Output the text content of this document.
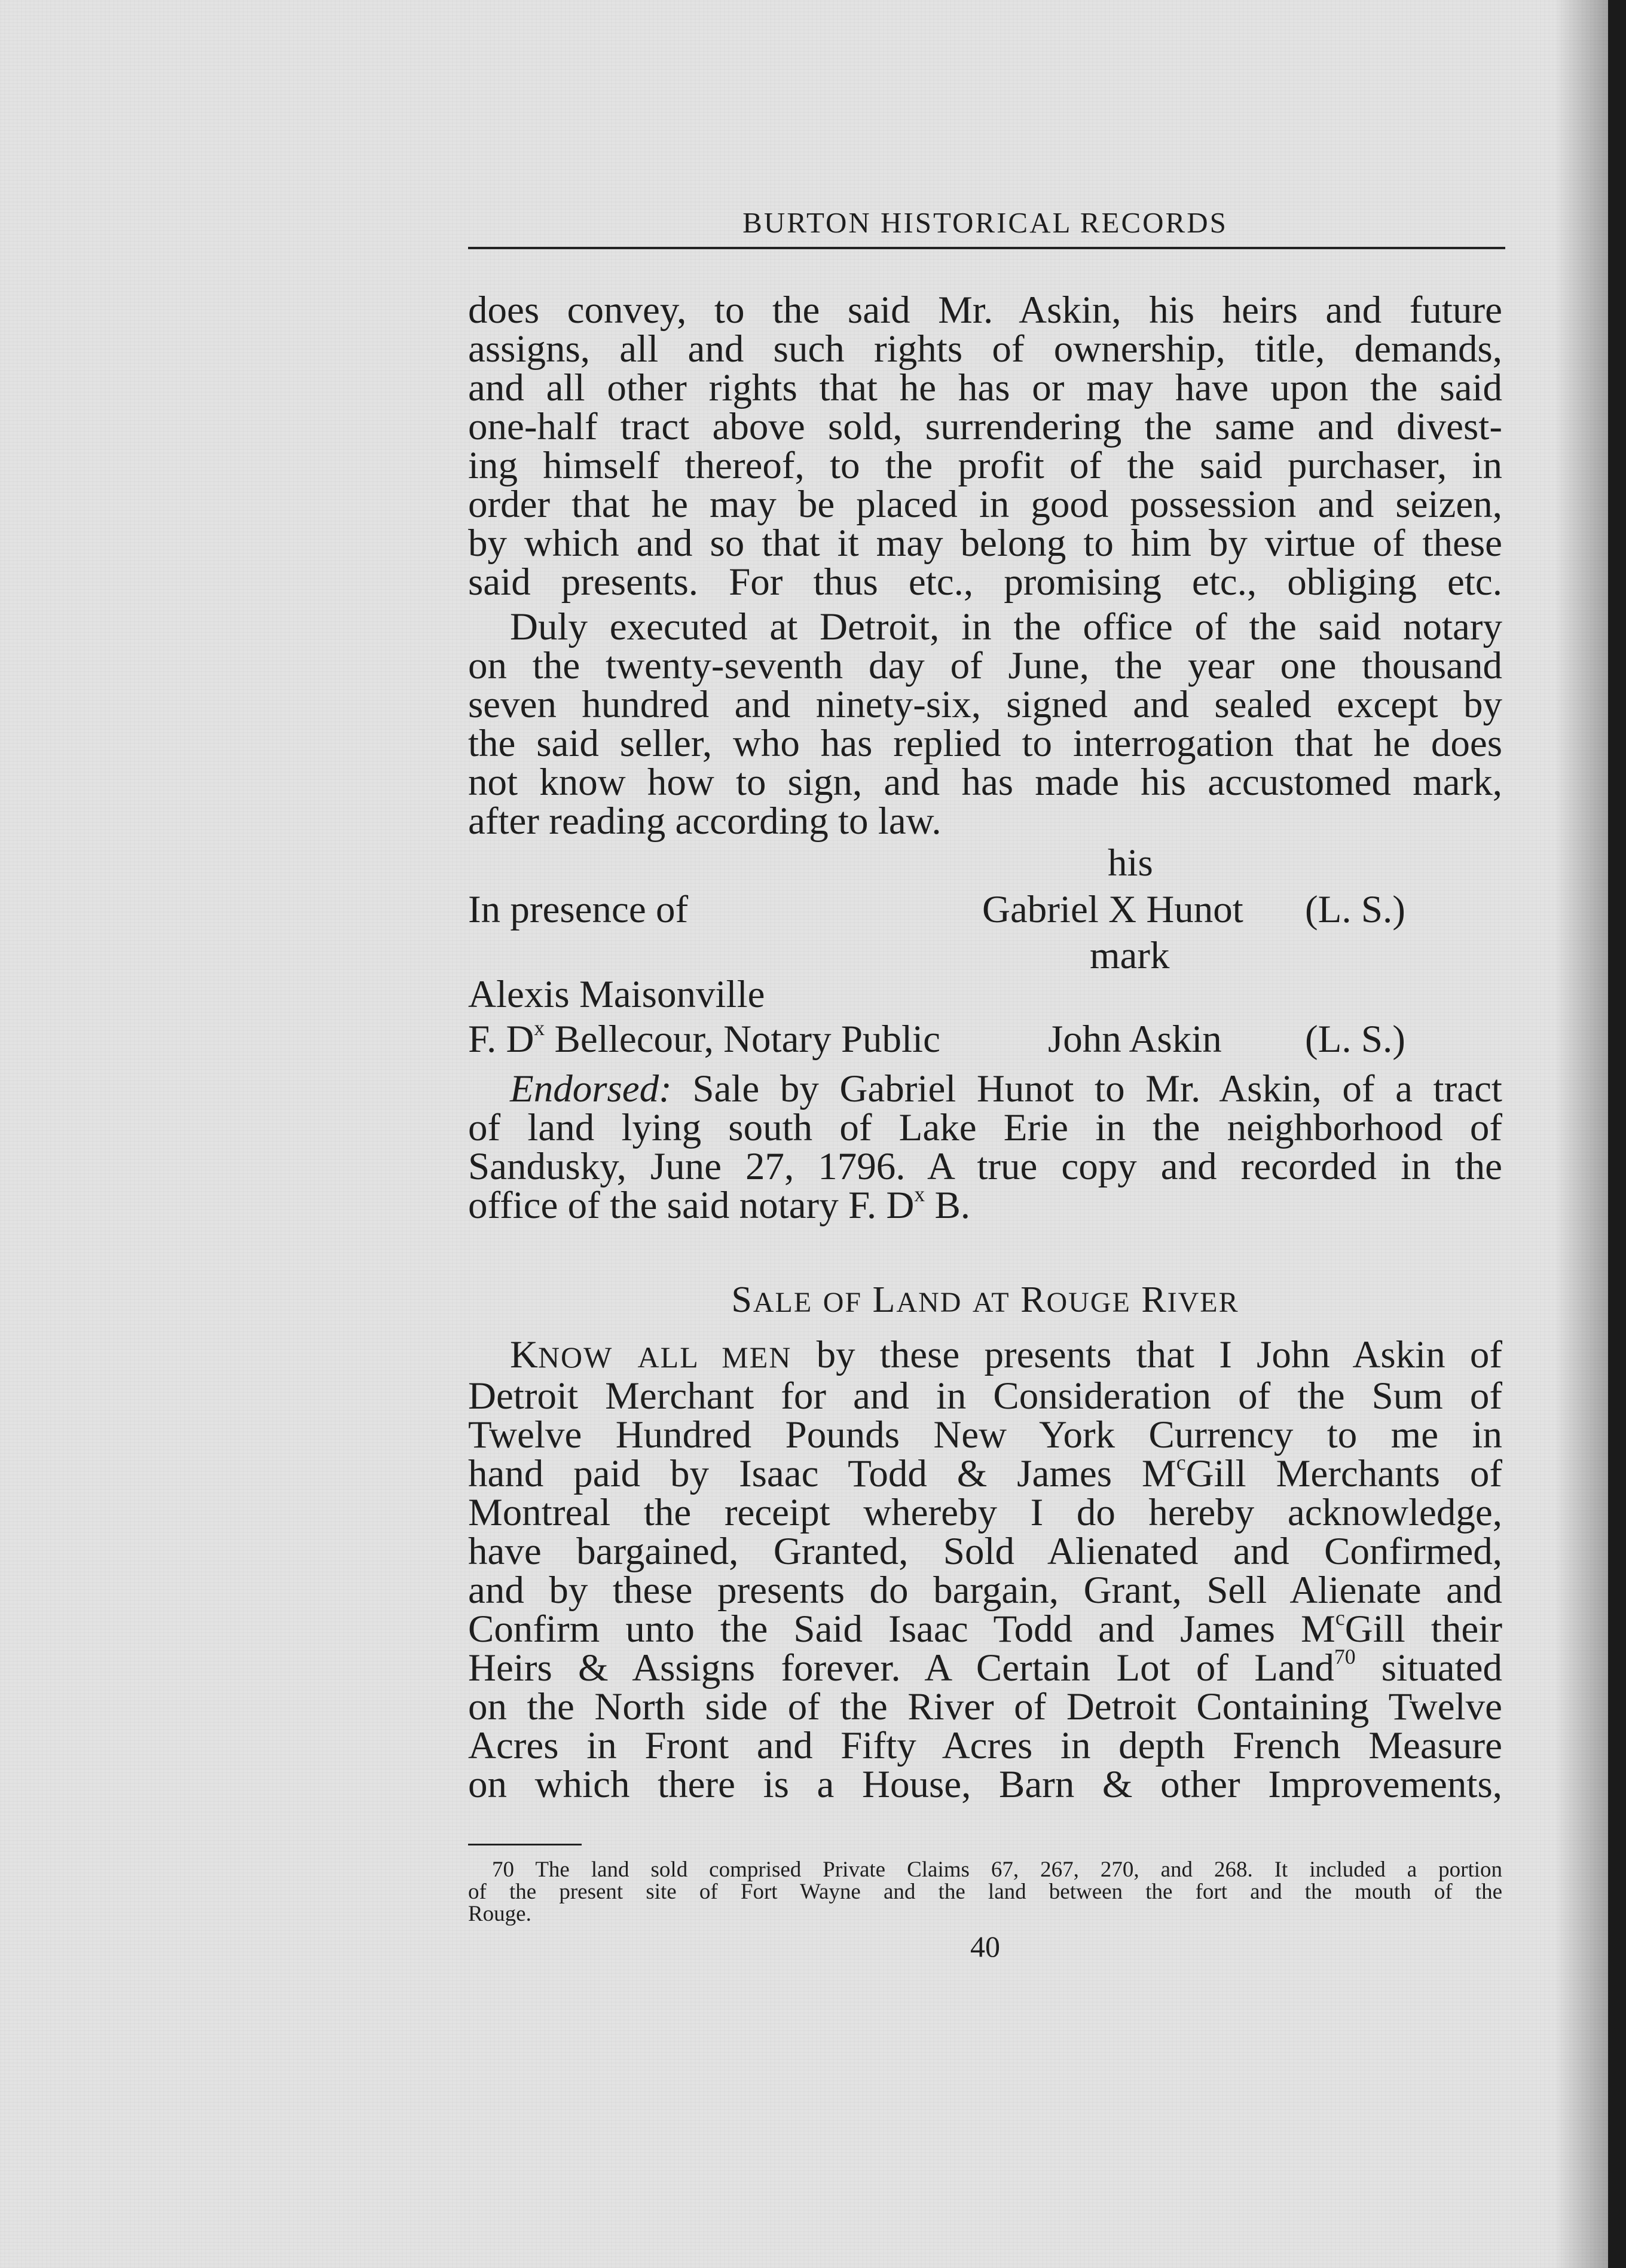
BURTON HISTORICAL RECORDS
does convey, to the said Mr. Askin, his heirs and future
assigns, all and such rights of ownership, title, demands,
and all other rights that he has or may have upon the said
one-half tract above sold, surrendering the same and divest-
ing himself thereof, to the profit of the said purchaser, in
order that he may be placed in good possession and seizen,
by which and so that it may belong to him by virtue of these
said presents. For thus etc., promising etc., obliging etc.
Duly executed at Detroit, in the office of the said notary
on the twenty-seventh day of June, the year one thousand
seven hundred and ninety-six, signed and sealed except by
the said seller, who has replied to interrogation that he does
not know how to sign, and has made his accustomed mark,
after reading according to law.
his
In presence of	Gabriel X Hunot (L. S.)
mark
Alexis Maisonville
F. $D^x$ Bellecour, Notary Public	John Askin (L. S.)
Endorsed: Sale by Gabriel Hunot to Mr. Askin, of a tract
of land lying south of Lake Erie in the neighborhood of
Sandusky, June 27, 1796. A true copy and recorded in the
office of the said notary F. $D^x$ B.
SALE OF LAND AT ROUGE RIVER
KNOW ALL MEN by these presents that I John Askin of
Detroit Merchant for and in Consideration of the Sum of
Twelve Hundred Pounds New York Currency to me in
hand paid by Isaac Todd & James $M^cGill$ Merchants of
Montreal the receipt whereby I do hereby acknowledge,
have bargained, Granted, Sold Alienated and Confirmed,
and by these presents do bargain, Grant, Sell Alienate and
Confirm unto the Said Isaac Todd and James $M^cGill$ their
Heirs & Assigns forever. A Certain Lot of Land$^{70}$ situated
on the North side of the River of Detroit Containing Twelve
Acres in Front and Fifty Acres in depth French Measure
on which there is a House, Barn & other Improvements,
70 The land sold comprised Private Claims 67, 267, 270, and 268. It included a portion
of the present site of Fort Wayne and the land between the fort and the mouth of the
Rouge.
40
